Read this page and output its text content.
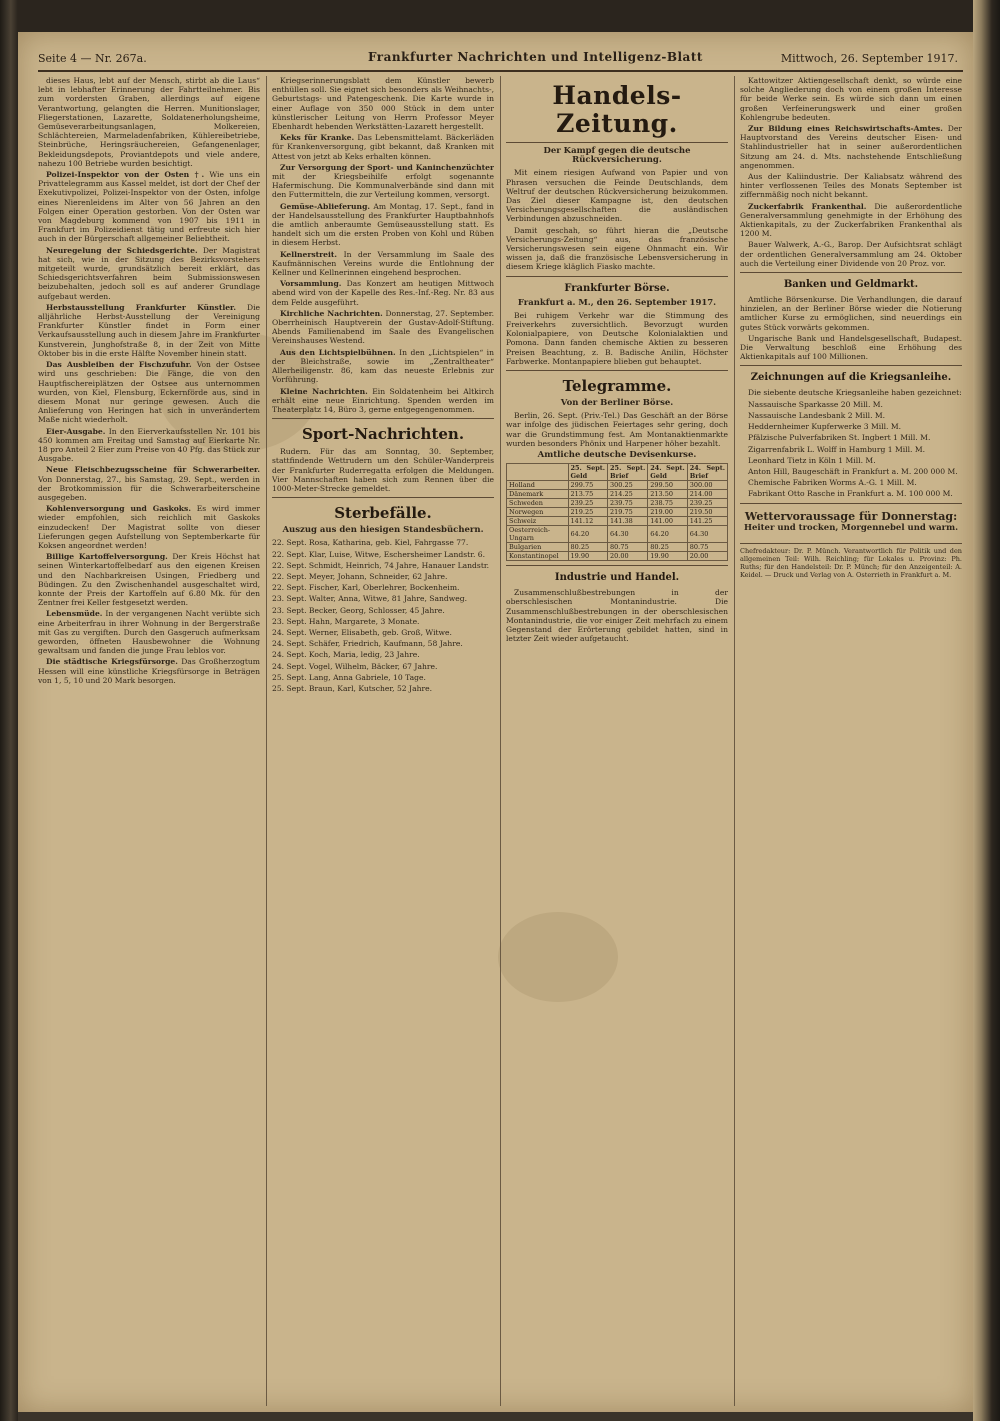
Seite 4 — Nr. 267a.	Frankfurter Nachrichten und Intelligenz-Blatt	Mittwoch, 26. September 1917.

dieses Haus, lebt auf der Mensch, stirbt ab die Laus“ lebt in lebhafter Erinnerung der Fahrtteilnehmer. Bis zum vordersten Graben, allerdings auf eigene Verantwortung, gelangten die Herren. Munitionslager, Fliegerstationen, Lazarette, Soldatenerholungsheime, Gemüseverarbeitungsanlagen, Molkereien, Schlächtereien, Marmeladenfabriken, Kühlereibetriebe, Steinbrüche, Heringsräuchereien, Gefangenenlager, Bekleidungsdepots, Proviantdepots und viele andere, nahezu 100 Betriebe wurden besichtigt.

Polizei-Inspektor von der Osten †. Wie uns ein Privattelegramm aus Kassel meldet, ist dort der Chef der Exekutivpolizei, Polizei-Inspektor von der Osten, infolge eines Nierenleidens im Alter von 56 Jahren an den Folgen einer Operation gestorben. Von der Osten war von Magdeburg kommend von 1907 bis 1911 in Frankfurt im Polizeidienst tätig und erfreute sich hier auch in der Bürgerschaft allgemeiner Beliebtheit.

Neuregelung der Schiedsgerichte. Der Magistrat hat sich, wie in der Sitzung des Bezirksvorstehers mitgeteilt wurde, grundsätzlich bereit erklärt, das Schiedsgerichtsverfahren beim Submissionswesen beizubehalten, jedoch soll es auf anderer Grundlage aufgebaut werden.

Herbstausstellung Frankfurter Künstler. Die alljährliche Herbst-Ausstellung der Vereinigung Frankfurter Künstler findet in Form einer Verkaufsausstellung auch in diesem Jahre im Frankfurter Kunstverein, Junghofstraße 8, in der Zeit von Mitte Oktober bis in die erste Hälfte November hinein statt.

Das Ausbleiben der Fischzufuhr. Von der Ostsee wird uns geschrieben: Die Fänge, die von den Hauptfischereiplätzen der Ostsee aus unternommen wurden, von Kiel, Flensburg, Eckernförde aus, sind in diesem Monat nur geringe gewesen. Auch die Anlieferung von Heringen hat sich in unverändertem Maße nicht wiederholt.

Eier-Ausgabe. In den Eierverkaufsstellen Nr. 101 bis 450 kommen am Freitag und Samstag auf Eierkarte Nr. 18 pro Anteil 2 Eier zum Preise von 40 Pfg. das Stück zur Ausgabe.

Neue Fleischbezugsscheine für Schwerarbeiter. Von Donnerstag, 27., bis Samstag, 29. Sept., werden in der Brotkommission für die Schwerarbeiterscheine ausgegeben.

Kohlenversorgung und Gaskoks. Es wird immer wieder empfohlen, sich reichlich mit Gaskoks einzudecken! Der Magistrat sollte von dieser Lieferungen gegen Aufstellung von Septemberkarte für Koksen angeordnet werden!

Billige Kartoffelversorgung. Der Kreis Höchst hat seinen Winterkartoffelbedarf aus den eigenen Kreisen und den Nachbarkreisen Usingen, Friedberg und Büdingen. Zu den Zwischenhandel ausgeschaltet wird, konnte der Preis der Kartoffeln auf 6.80 Mk. für den Zentner frei Keller festgesetzt werden.

Lebensmüde. In der vergangenen Nacht verübte sich eine Arbeiterfrau in ihrer Wohnung in der Bergerstraße mit Gas zu vergiften. Durch den Gasgeruch aufmerksam geworden, öffneten Hausbewohner die Wohnung gewaltsam und fanden die junge Frau leblos vor.

Die städtische Kriegsfürsorge. Das Großherzogtum Hessen will eine künstliche Kriegsfürsorge in Beträgen von 1, 5, 10 und 20 Mark besorgen.

Kriegserinnerungsblatt dem Künstler bewerb enthüllen soll. Sie eignet sich besonders als Weihnachts-, Geburtstags- und Patengeschenk. Die Karte wurde in einer Auflage von 350 000 Stück in dem unter künstlerischer Leitung von Herrn Professor Meyer Ebenhardt hebenden Werkstätten-Lazarett hergestellt.

Keks für Kranke. Das Lebensmittelamt. Bäckerläden für Krankenversorgung, gibt bekannt, daß Kranken mit Attest von jetzt ab Keks erhalten können.

Zur Versorgung der Sport- und Kaninchenzüchter mit der Kriegsbeihilfe erfolgt sogenannte Hafermischung. Die Kommunalverbände sind dann mit den Futtermitteln, die zur Verteilung kommen, versorgt.

Gemüse-Ablieferung. Am Montag, 17. Sept., fand in der Handelsausstellung des Frankfurter Hauptbahnhofs die amtlich anberaumte Gemüseausstellung statt. Es handelt sich um die ersten Proben von Kohl und Rüben in diesem Herbst.

Kellnerstreit. In der Versammlung im Saale des Kaufmännischen Vereins wurde die Entlohnung der Kellner und Kellnerinnen eingehend besprochen.

Vorsammlung. Das Konzert am heutigen Mittwoch abend wird von der Kapelle des Res.-Inf.-Reg. Nr. 83 aus dem Felde ausgeführt.

Kirchliche Nachrichten. Donnerstag, 27. September. Oberrheinisch Hauptverein der Gustav-Adolf-Stiftung. Abends Familienabend im Saale des Evangelischen Vereinshauses Westend.

Aus den Lichtspielbühnen. In den „Lichtspielen“ in der Bleichstraße, sowie im „Zentraltheater“ Allerheiligenstr. 86, kam das neueste Erlebnis zur Vorführung.

Kleine Nachrichten. Ein Soldatenheim bei Altkirch erhält eine neue Einrichtung. Spenden werden im Theaterplatz 14, Büro 3, gerne entgegengenommen.

Sport-Nachrichten.

Rudern. Für das am Sonntag, 30. September, stattfindende Wettrudern um den Schüler-Wanderpreis der Frankfurter Ruderregatta erfolgen die Meldungen. Vier Mannschaften haben sich zum Rennen über die 1000-Meter-Strecke gemeldet.

Sterbefälle.
Auszug aus den hiesigen Standesbüchern.

22. Sept. Rosa, Katharina, geb. Kiel, Fahrgasse 77.

22. Sept. Klar, Luise, Witwe, Eschersheimer Landstr. 6.

22. Sept. Schmidt, Heinrich, 74 Jahre, Hanauer Landstr.

22. Sept. Meyer, Johann, Schneider, 62 Jahre.

22. Sept. Fischer, Karl, Oberlehrer, Bockenheim.

23. Sept. Walter, Anna, Witwe, 81 Jahre, Sandweg.

23. Sept. Becker, Georg, Schlosser, 45 Jahre.

23. Sept. Hahn, Margarete, 3 Monate.

24. Sept. Werner, Elisabeth, geb. Groß, Witwe.

24. Sept. Schäfer, Friedrich, Kaufmann, 58 Jahre.

24. Sept. Koch, Maria, ledig, 23 Jahre.

24. Sept. Vogel, Wilhelm, Bäcker, 67 Jahre.

25. Sept. Lang, Anna Gabriele, 10 Tage.

25. Sept. Braun, Karl, Kutscher, 52 Jahre.

Handels-Zeitung.
Der Kampf gegen die deutsche Rückversicherung.

Mit einem riesigen Aufwand von Papier und von Phrasen versuchen die Feinde Deutschlands, dem Weltruf der deutschen Rückversicherung beizukommen. Das Ziel dieser Kampagne ist, den deutschen Versicherungsgesellschaften die ausländischen Verbindungen abzuschneiden.

Damit geschah, so führt hieran die „Deutsche Versicherungs-Zeitung“ aus, das französische Versicherungswesen sein eigene Ohnmacht ein. Wir wissen ja, daß die französische Lebensversicherung in diesem Kriege kläglich Fiasko machte.

Frankfurter Börse.
Frankfurt a. M., den 26. September 1917.

Bei ruhigem Verkehr war die Stimmung des Freiverkehrs zuversichtlich. Bevorzugt wurden Kolonialpapiere, von Deutsche Kolonialaktien und Pomona. Dann fanden chemische Aktien zu besseren Preisen Beachtung, z. B. Badische Anilin, Höchster Farbwerke. Montanpapiere blieben gut behauptet.

Telegramme.
Von der Berliner Börse.

Berlin, 26. Sept. (Priv.-Tel.) Das Geschäft an der Börse war infolge des jüdischen Feiertages sehr gering, doch war die Grundstimmung fest. Am Montanaktienmarkte wurden besonders Phönix und Harpener höher bezahlt.

Amtliche deutsche Devisenkurse.
	25. Sept. Geld	25. Sept. Brief	24. Sept. Geld	24. Sept. Brief
Holland	299.75	300.25	299.50	300.00
Dänemark	213.75	214.25	213.50	214.00
Schweden	239.25	239.75	238.75	239.25
Norwegen	219.25	219.75	219.00	219.50
Schweiz	141.12	141.38	141.00	141.25
Oesterreich-Ungarn	64.20	64.30	64.20	64.30
Bulgarien	80.25	80.75	80.25	80.75
Konstantinopel	19.90	20.00	19.90	20.00
Industrie und Handel.

Zusammenschlußbestrebungen in der oberschlesischen Montanindustrie. Die Zusammenschlußbestrebungen in der oberschlesischen Montanindustrie, die vor einiger Zeit mehrfach zu einem Gegenstand der Erörterung gebildet hatten, sind in letzter Zeit wieder aufgetaucht.

Kattowitzer Aktiengesellschaft denkt, so würde eine solche Angliederung doch von einem großen Interesse für beide Werke sein. Es würde sich dann um einen großen Verfeinerungswerk und einer großen Kohlengrube bedeuten.

Zur Bildung eines Reichswirtschafts-Amtes. Der Hauptvorstand des Vereins deutscher Eisen- und Stahlindustrieller hat in seiner außerordentlichen Sitzung am 24. d. Mts. nachstehende Entschließung angenommen.

Aus der Kaliindustrie. Der Kaliabsatz während des hinter verflossenen Teiles des Monats September ist ziffernmäßig noch nicht bekannt.

Zuckerfabrik Frankenthal. Die außerordentliche Generalversammlung genehmigte in der Erhöhung des Aktienkapitals, zu der Zuckerfabriken Frankenthal als 1200 M.

Bauer Walwerk, A.-G., Barop. Der Aufsichtsrat schlägt der ordentlichen Generalversammlung am 24. Oktober auch die Verteilung einer Dividende von 20 Proz. vor.

Banken und Geldmarkt.

Amtliche Börsenkurse. Die Verhandlungen, die darauf hinzielen, an der Berliner Börse wieder die Notierung amtlicher Kurse zu ermöglichen, sind neuerdings ein gutes Stück vorwärts gekommen.

Ungarische Bank und Handelsgesellschaft, Budapest. Die Verwaltung beschloß eine Erhöhung des Aktienkapitals auf 100 Millionen.

Zeichnungen auf die Kriegsanleihe.

Die siebente deutsche Kriegsanleihe haben gezeichnet:

Nassauische Sparkasse 20 Mill. M.

Nassauische Landesbank 2 Mill. M.

Heddernheimer Kupferwerke 3 Mill. M.

Pfälzische Pulverfabriken St. Ingbert 1 Mill. M.

Zigarrenfabrik L. Wolff in Hamburg 1 Mill. M.

Leonhard Tietz in Köln 1 Mill. M.

Anton Hill, Baugeschäft in Frankfurt a. M. 200 000 M.

Chemische Fabriken Worms A.-G. 1 Mill. M.

Fabrikant Otto Rasche in Frankfurt a. M. 100 000 M.

Wettervoraussage für Donnerstag:
Heiter und trocken, Morgennebel und warm.
Chefredakteur: Dr. P. Münch. Verantwortlich für Politik und den allgemeinen Teil: Wilh. Reichling; für Lokales u. Provinz: Ph. Ruths; für den Handelsteil: Dr. P. Münch; für den Anzeigenteil: A. Keidel. — Druck und Verlag von A. Osterrieth in Frankfurt a. M.
